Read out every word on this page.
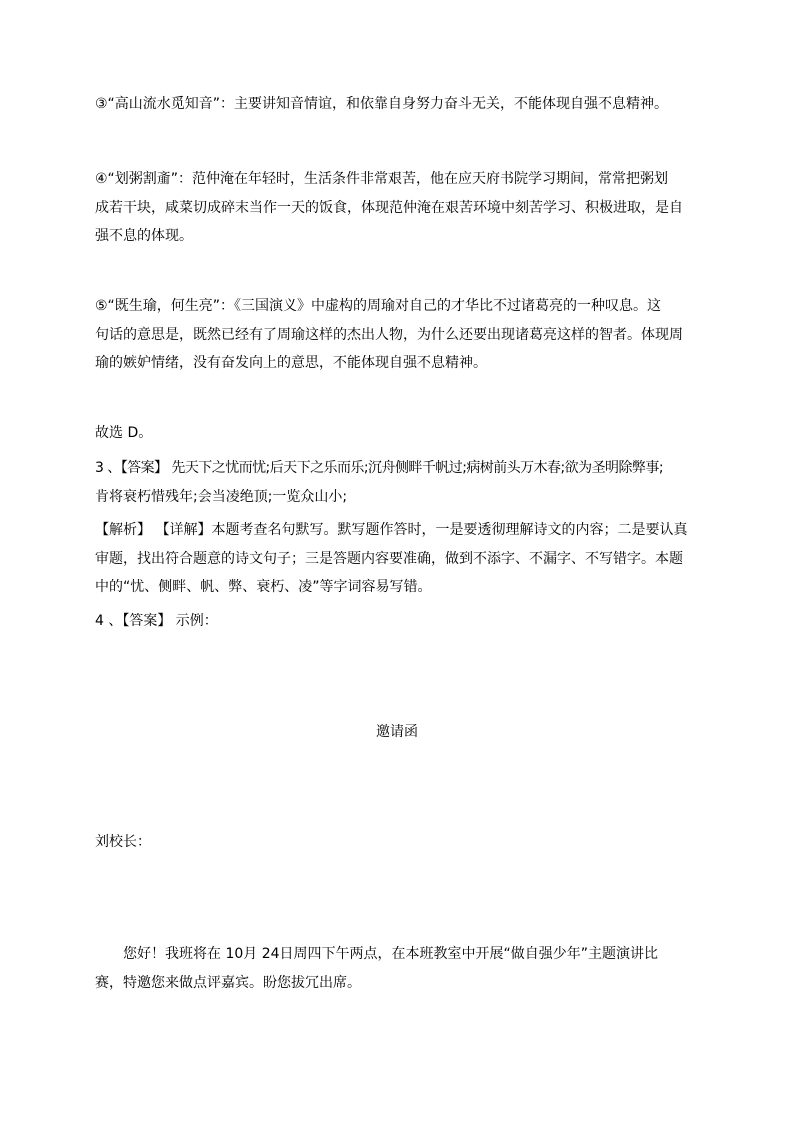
③“高山流水觅知音”：主要讲知音情谊，和依靠自身努力奋斗无关，不能体现自强不息精神。

④“划粥割齑”：范仲淹在年轻时，生活条件非常艰苦，他在应天府书院学习期间，常常把粥划
成若干块，咸菜切成碎末当作一天的饭食，体现范仲淹在艰苦环境中刻苦学习、积极进取，是自
强不息的体现。

⑤“既生瑜，何生亮”：《三国演义》中虚构的周瑜对自己的才华比不过诸葛亮的一种叹息。这
句话的意思是，既然已经有了周瑜这样的杰出人物，为什么还要出现诸葛亮这样的智者。体现周
瑜的嫉妒情绪，没有奋发向上的意思，不能体现自强不息精神。

故选 D。

3 、【答案】 先天下之忧而忧;后天下之乐而乐;沉舟侧畔千帆过;病树前头万木春;欲为圣明除弊事;
肯将衰朽惜残年;会当凌绝顶;一览众山小;

【解析】 【详解】本题考查名句默写。默写题作答时，一是要透彻理解诗文的内容；二是要认真
审题，找出符合题意的诗文句子；三是答题内容要准确，做到不添字、不漏字、不写错字。本题
中的“忧、侧畔、帆、弊、衰朽、凌”等字词容易写错。

4 、【答案】 示例：

邀请函

刘校长：

您好！我班将在 10月 24日周四下午两点，在本班教室中开展“做自强少年”主题演讲比
赛，特邀您来做点评嘉宾。盼您拔冗出席。
